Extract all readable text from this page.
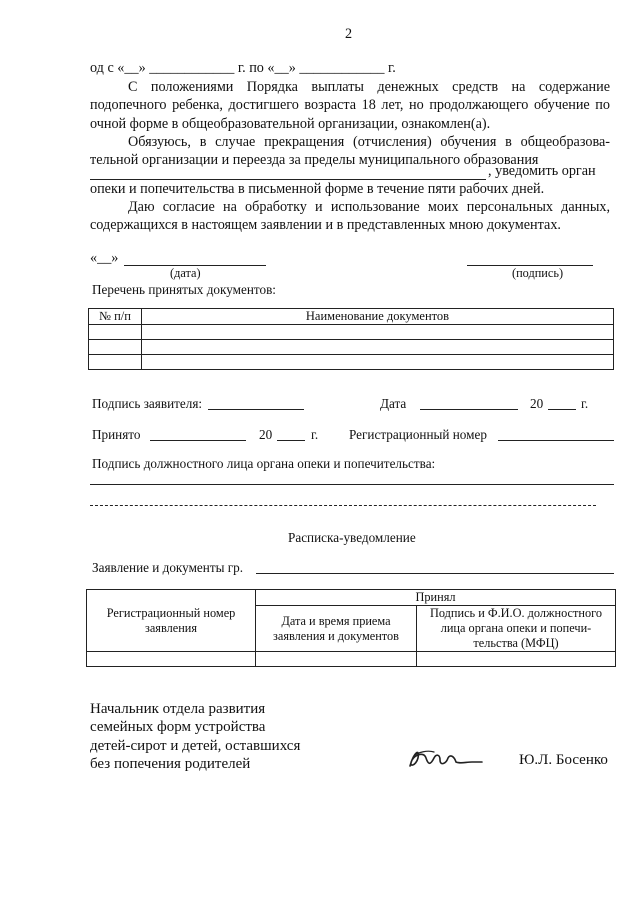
2
од с «__» ____________ г. по «__» ____________ г.

С положениями Порядка выплаты денежных средств на содержание подопечного ребенка, достигшего возраста 18 лет, но продолжающего обучение по очной форме в общеобразовательной организации, ознакомлен(а).

Обязуюсь, в случае прекращения (отчисления) обучения в общеобразова-тельной организации и переезда за пределы муниципального образования

, уведомить орган
опеки и попечительства в письменной форме в течение пяти рабочих дней.

Даю согласие на обработку и использование моих персональных данных, содержащихся в настоящем заявлении и в представленных мною документах.

«__»
(дата)	(подпись)
Перечень принятых документов:
№ п/п	Наименование документов

Подпись заявителя:	Дата	20	г.
Принято	20	г. Регистрационный номер
Подпись должностного лица органа опеки и попечительства:
Расписка-уведомление
Заявление и документы гр.
Регистрационный номер заявления	Принял	
	Дата и время приема заявления и документов	Подпись и Ф.И.О. должностного лица органа опеки и попечи-тельства (МФЦ)

Начальник отдела развития
семейных форм устройства
детей-сирот и детей, оставшихся
без попечения родителей	Ю.Л. Босенко
